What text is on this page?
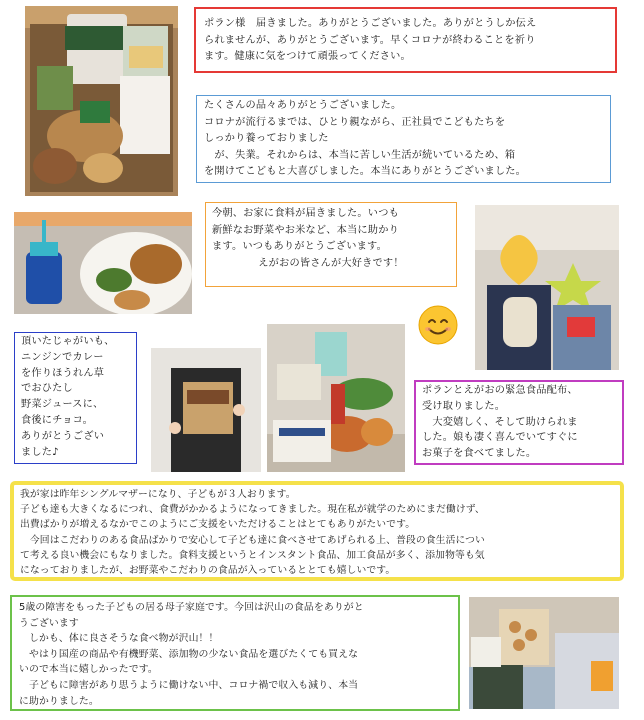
ポラン様　届きました。ありがとうございました。ありがとうしか伝え

られませんが、ありがとうございます。早くコロナが終わることを祈り

ます。健康に気をつけて頑張ってください。

たくさんの品々ありがとうございました。

コロナが流行るまでは、ひとり親ながら、正社員でこどもたちを

しっかり養っておりました

　が、失業。それからは、本当に苦しい生活が続いているため、箱

を開けてこどもと大喜びしました。本当にありがとうございました。

今朝、お家に食料が届きました。いつも

新鮮なお野菜やお米など、本当に助かり

ます。いつもありがとうございます。

えがおの皆さんが大好きです！

頂いたじゃがいも、

ニンジンでカレー

を作りほうれん草

でおひたし

野菜ジュースに、

食後にチョコ。

ありがとうござい

ました♪

ポランとえがおの緊急食品配布、

受け取りました。

　大変嬉しく、そして助けられま

した。娘も凄く喜んでいてすぐに

お菓子を食べてました。

我が家は昨年シングルマザーになり、子どもが３人おります。

子ども達も大きくなるにつれ、食費がかかるようになってきました。現在私が就学のためにまだ働けず、

出費ばかりが増えるなかでこのようにご支援をいただけることはとてもありがたいです。

　今回はこだわりのある食品ばかりで安心して子ども達に食べさせてあげられる上、普段の食生活につい

て考える良い機会にもなりました。食料支援というとインスタント食品、加工食品が多く、添加物等も気

になっておりましたが、お野菜やこだわりの食品が入っているととても嬉しいです。

5歳の障害をもった子どもの居る母子家庭です。今回は沢山の食品をありがと

うございます

　しかも、体に良さそうな食べ物が沢山！！

　やはり国産の商品や有機野菜、添加物の少ない食品を選びたくても買えな

いので本当に嬉しかったです。

　子どもに障害があり思うように働けない中、コロナ禍で収入も減り、本当

に助かりました。
